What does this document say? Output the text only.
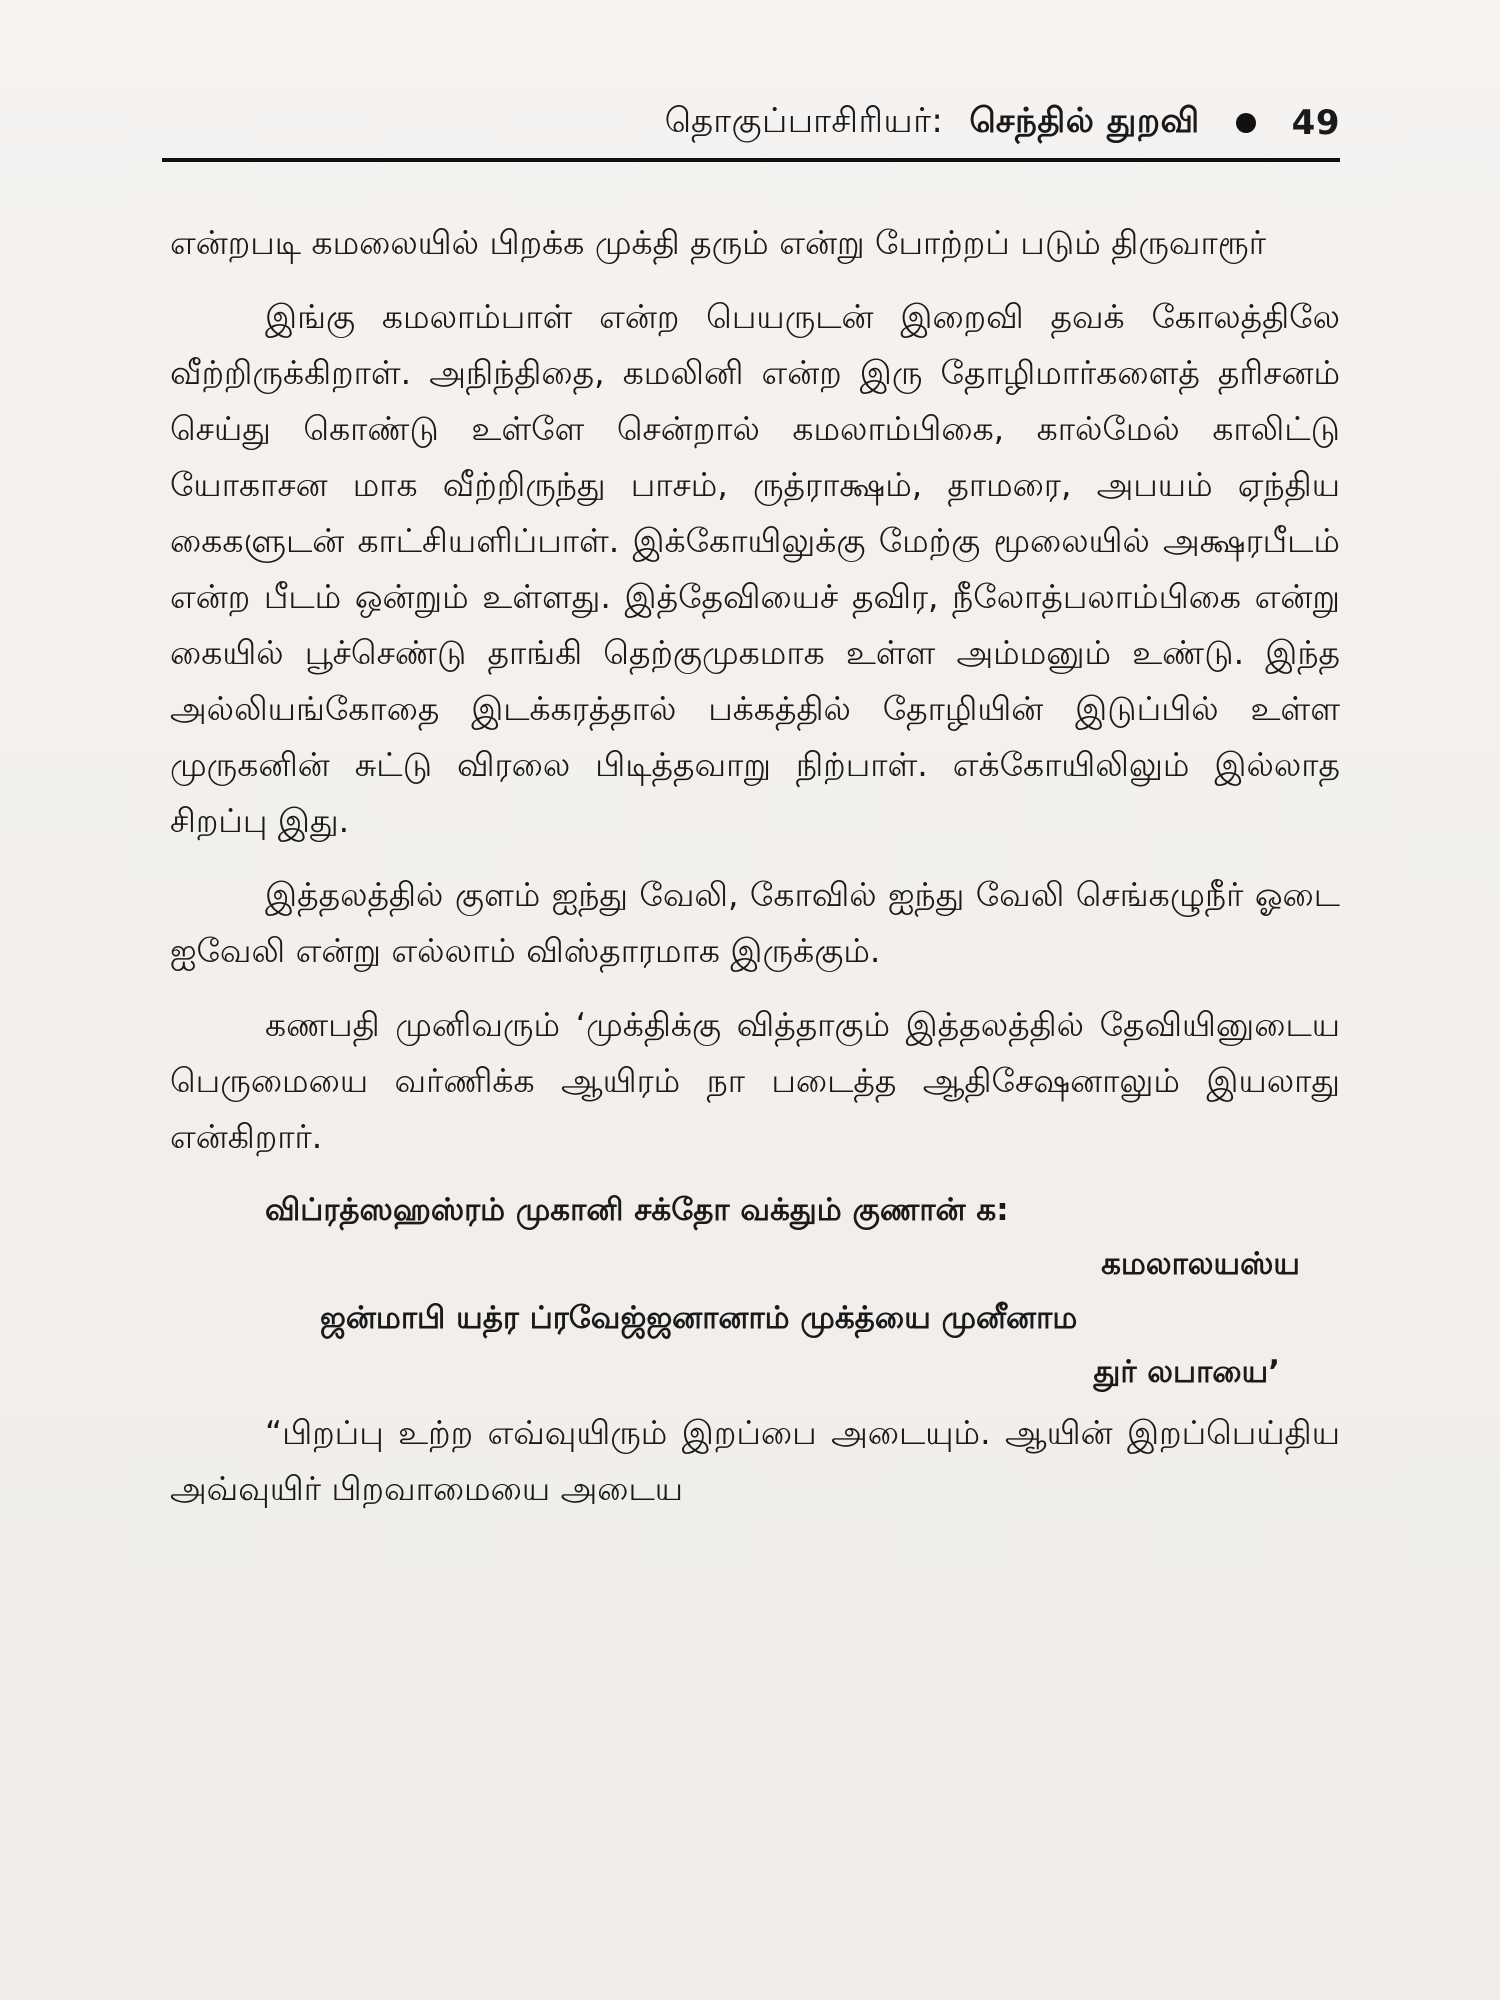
தொகுப்பாசிரியர்: செந்தில் துறவி	49

என்றபடி கமலையில் பிறக்க முக்தி தரும் என்று போற்றப் படும் திருவாரூர்

இங்கு கமலாம்பாள் என்ற பெயருடன் இறைவி தவக் கோலத்திலே வீற்றிருக்கிறாள். அநிந்திதை, கமலினி என்ற இரு தோழிமார்களைத் தரிசனம் செய்து கொண்டு உள்ளே சென்றால் கமலாம்பிகை, கால்மேல் காலிட்டு யோகாசன மாக வீற்றிருந்து பாசம், ருத்ராக்ஷம், தாமரை, அபயம் ஏந்திய கைகளுடன் காட்சியளிப்பாள். இக்கோயிலுக்கு மேற்கு மூலையில் அக்ஷரபீடம் என்ற பீடம் ஒன்றும் உள்ளது. இத்தேவியைச் தவிர, நீலோத்பலாம்பிகை என்று கையில் பூச்செண்டு தாங்கி தெற்குமுகமாக உள்ள அம்மனும் உண்டு. இந்த அல்லியங்கோதை இடக்கரத்தால் பக்கத்தில் தோழியின் இடுப்பில் உள்ள முருகனின் சுட்டு விரலை பிடித்தவாறு நிற்பாள். எக்கோயிலிலும் இல்லாத சிறப்பு இது.

இத்தலத்தில் குளம் ஐந்து வேலி, கோவில் ஐந்து வேலி செங்கழுநீர் ஓடை ஐவேலி என்று எல்லாம் விஸ்தாரமாக இருக்கும்.

கணபதி முனிவரும் ‘முக்திக்கு வித்தாகும் இத்தலத்தில் தேவியினுடைய பெருமையை வர்ணிக்க ஆயிரம் நா படைத்த ஆதிசேஷனாலும் இயலாது என்கிறார்.

விப்ரத்ஸஹஸ்ரம் முகானி சக்தோ வக்தும் குணான் க:
கமலாலயஸ்ய
ஜன்மாபி யத்ர ப்ரவேஜ்ஜனானாம் முக்த்யை முனீனாம
துர் லபாயை’

“பிறப்பு உற்ற எவ்வுயிரும் இறப்பை அடையும். ஆயின் இறப்பெய்திய அவ்வுயிர் பிறவாமையை அடைய
